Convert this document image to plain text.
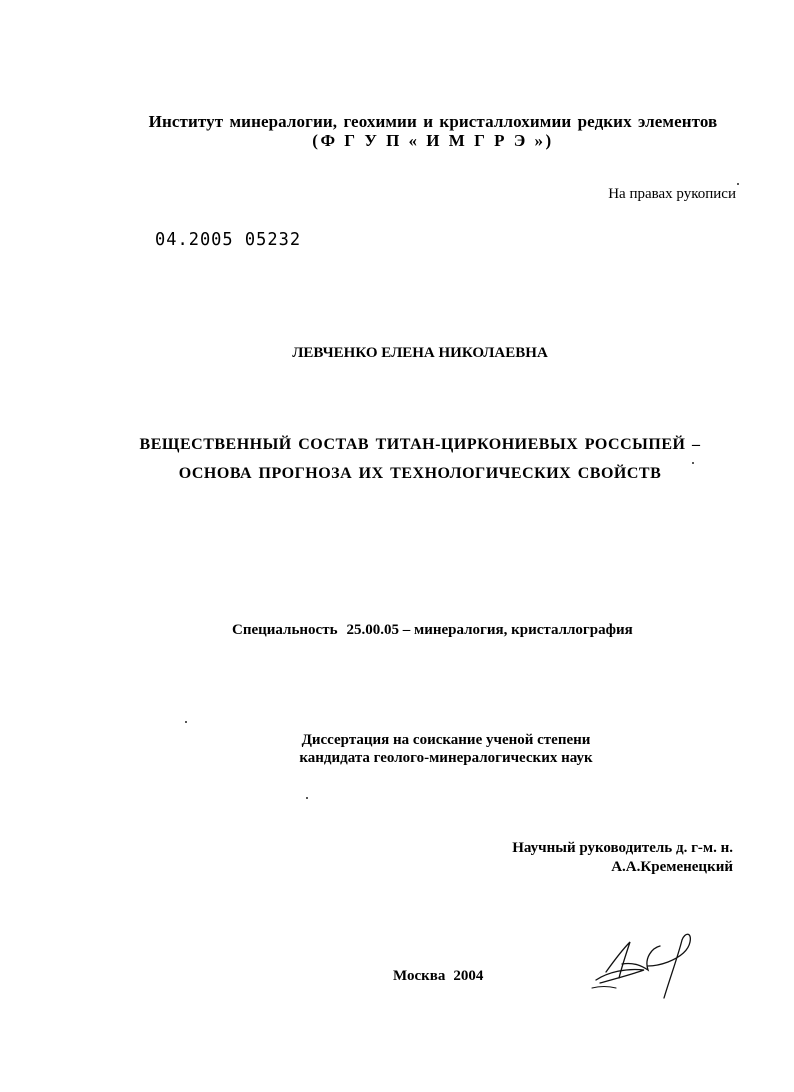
Институт минералогии, геохимии и кристаллохимии редких элементов
(Ф Г У П « И М Г Р Э »)
На правах рукописи
04.2005 05232
ЛЕВЧЕНКО ЕЛЕНА НИКОЛАЕВНА
ВЕЩЕСТВЕННЫЙ СОСТАВ ТИТАН-ЦИРКОНИЕВЫХ РОССЫПЕЙ –
ОСНОВА ПРОГНОЗА ИХ ТЕХНОЛОГИЧЕСКИХ СВОЙСТВ
Специальность 25.00.05 – минералогия, кристаллография
Диссертация на соискание ученой степени
кандидата геолого-минералогических наук
Научный руководитель д. г-м. н.
А.А.Кременецкий
Москва 2004
